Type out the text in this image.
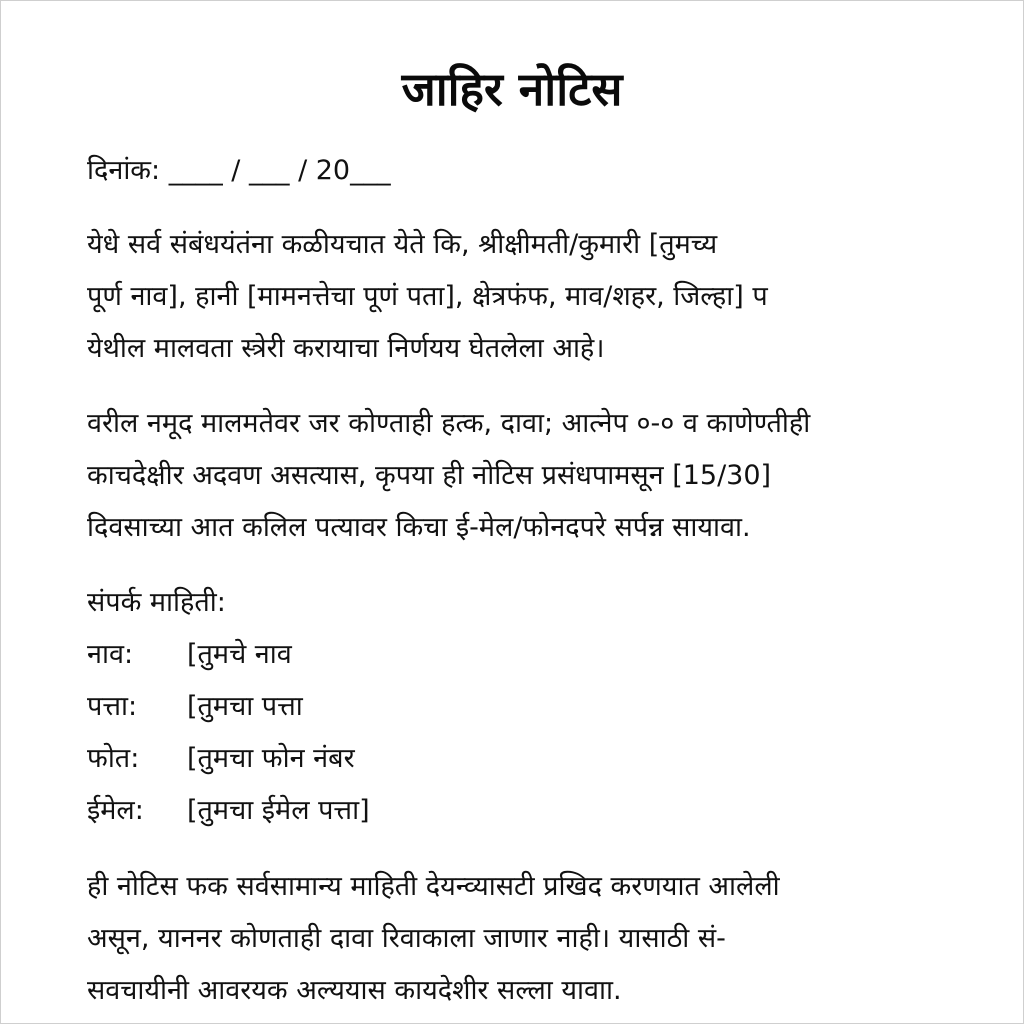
जाहिर नोटिस
दिनांक: ____ / ___ / 20___
येधे सर्व संबंधयंतंना कळीयचात येते कि, श्रीक्षीमती/कुमारी [तुमच्य
पूर्ण नाव], हानी [मामनत्तेचा पूणं पता], क्षेत्रफंफ, माव/शहर, जिल्हा] प
येथील मालवता स्त्रेरी करायाचा निर्णयय घेतलेला आहे।
वरील नमूद मालमतेवर जर कोण्ताही हत्क, दावा; आत्नेप ०-० व काणेण्तीही
काचदेक्षीर अदवण असत्यास, कृपया ही नोटिस प्रसंधपामसून [15/30]
दिवसाच्या आत कलिल पत्यावर किचा ई-मेल/फोनदपरे सर्पन्न सायावा.
संपर्क माहिती:
नाव:	[तुमचे नाव
पत्ता:	[तुमचा पत्ता
फोत:	[तुमचा फोन नंबर
ईमेल:	[तुमचा ईमेल पत्ता]
ही नोटिस फक सर्वसामान्य माहिती देयन्व्यासटी प्रखिद करणयात आलेली
असून, याननर कोणताही दावा रिवाकाला जाणार नाही। यासाठी सं-
सवचायीनी आवरयक अल्ययास कायदेशीर सल्ला यावाा.
